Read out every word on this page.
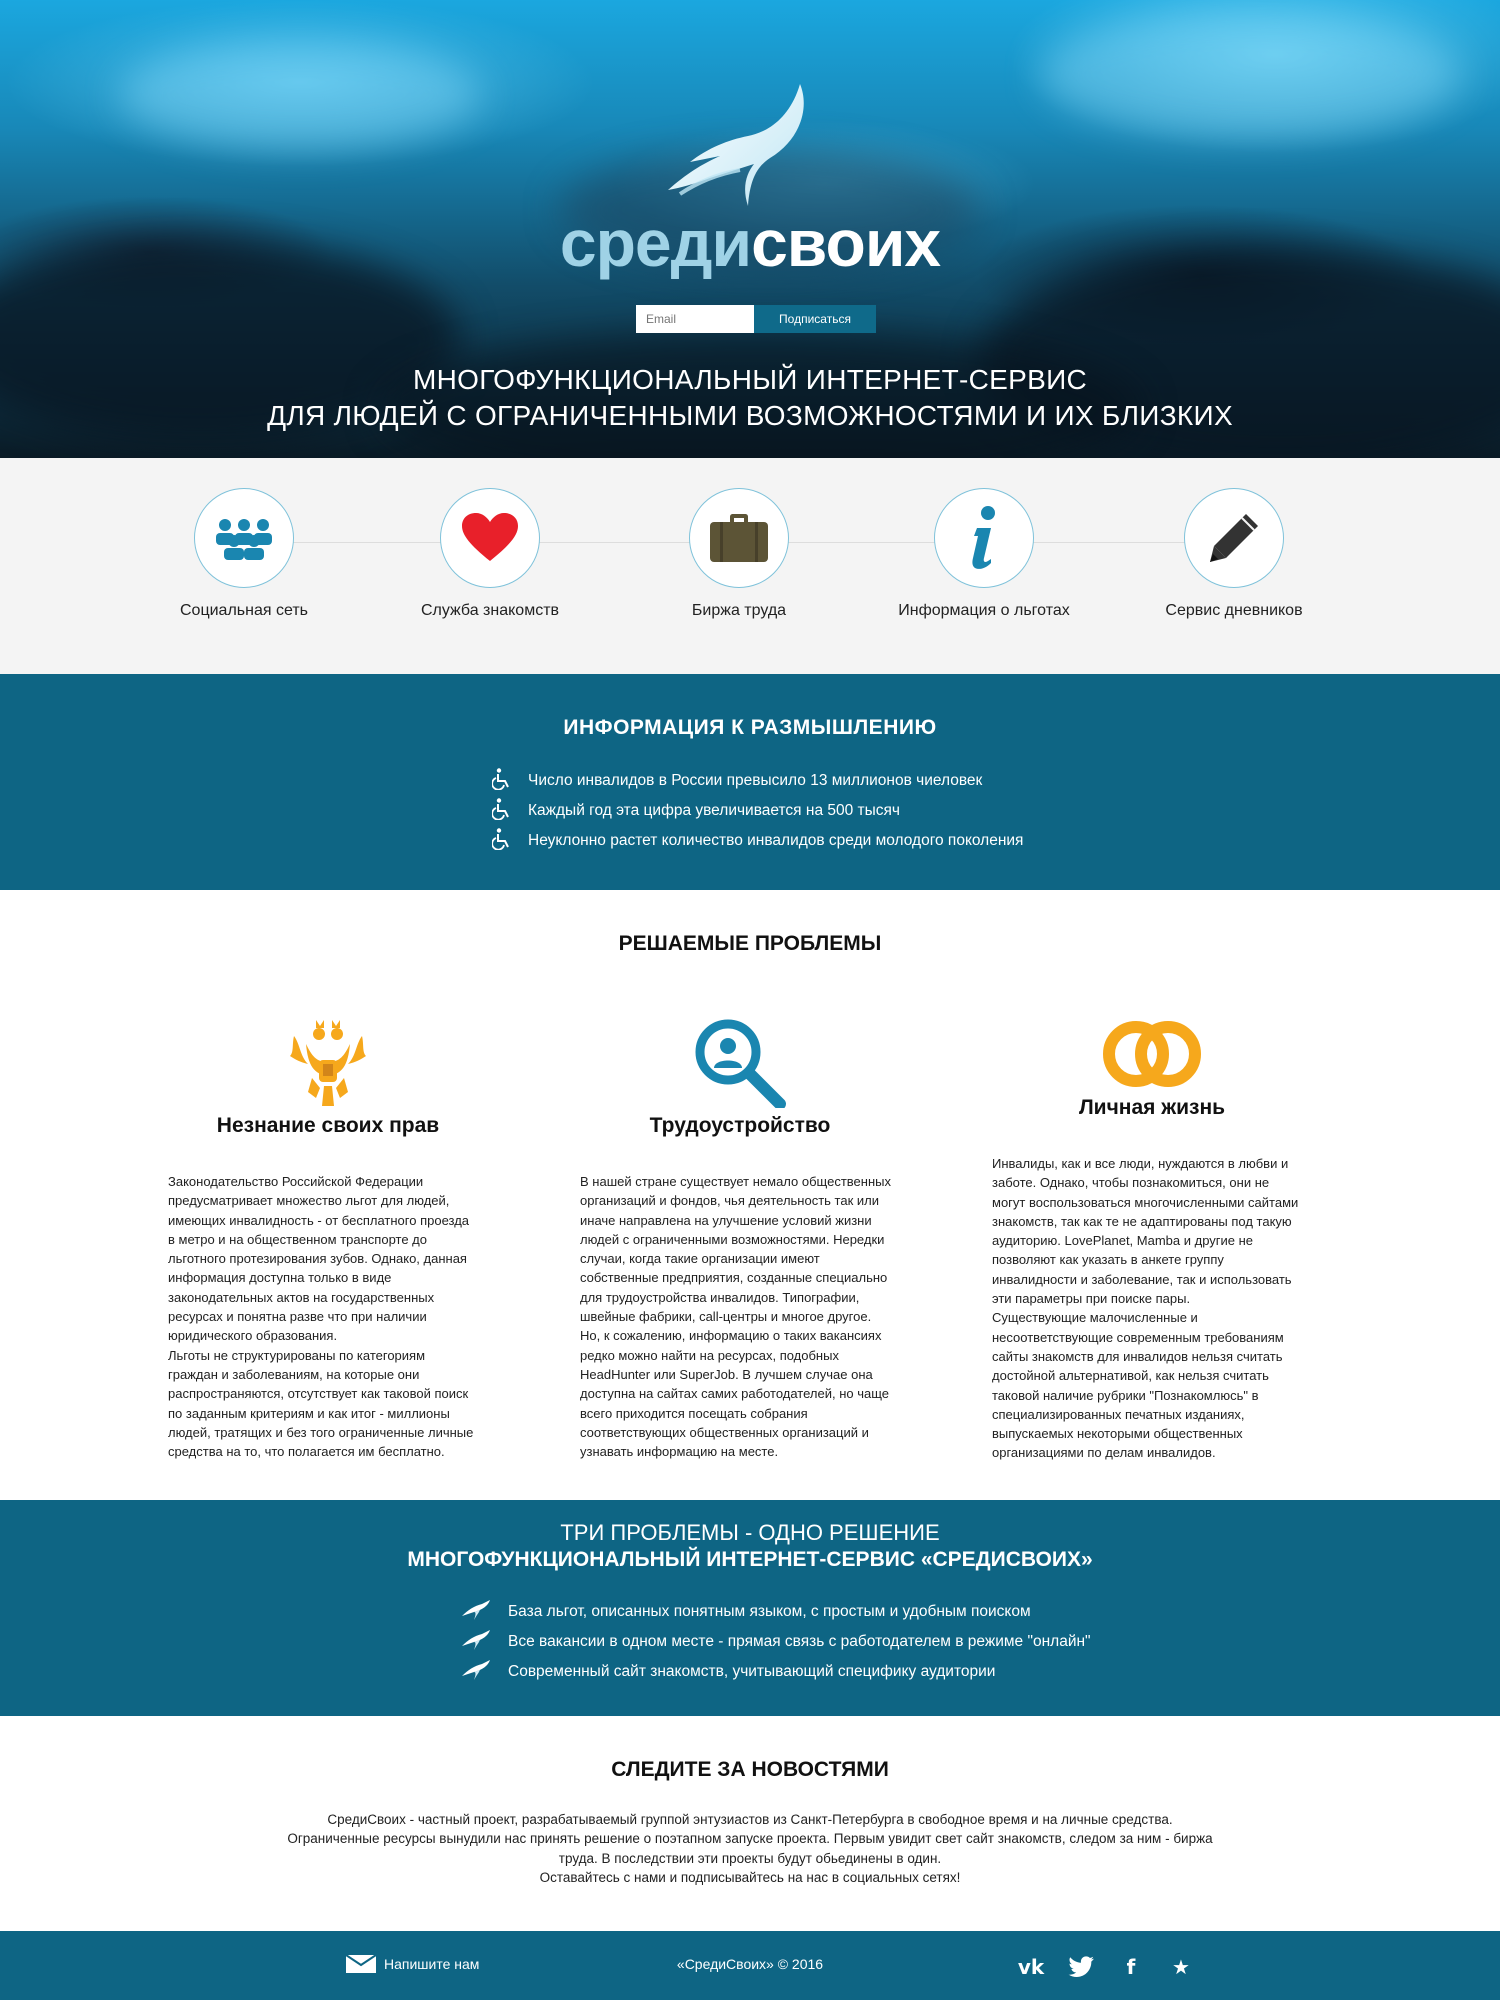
средисвоих
Email
Подписаться
МНОГОФУНКЦИОНАЛЬНЫЙ ИНТЕРНЕТ-СЕРВИС
ДЛЯ ЛЮДЕЙ С ОГРАНИЧЕННЫМИ ВОЗМОЖНОСТЯМИ И ИХ БЛИЗКИХ
Социальная сеть	Служба знакомств	Биржа труда	Информация о льготах	Сервис дневников
ИНФОРМАЦИЯ К РАЗМЫШЛЕНИЮ
Число инвалидов в России превысило 13 миллионов чиеловек
Каждый год эта цифра увеличивается на 500 тысяч
Неуклонно растет количество инвалидов среди молодого поколения
РЕШАЕМЫЕ ПРОБЛЕМЫ
Незнание своих прав

Законодательство Российской Федерации
предусматривает множество льгот для людей,
имеющих инвалидность - от бесплатного проезда
в метро и на общественном транспорте до
льготного протезирования зубов. Однако, данная
информация доступна только в виде
законодательных актов на государственных
ресурсах и понятна разве что при наличии
юридического образования.
Льготы не структурированы по категориям
граждан и заболеваниям, на которые они
распространяются, отсутствует как таковой поиск
по заданным критериям и как итог - миллионы
людей, тратящих и без того ограниченные личные
средства на то, что полагается им бесплатно.

Трудоустройство

В нашей стране существует немало общественных
организаций и фондов, чья деятельность так или
иначе направлена на улучшение условий жизни
людей с ограниченными возможностями. Нередки
случаи, когда такие организации имеют
собственные предприятия, созданные специально
для трудоустройства инвалидов. Типографии,
швейные фабрики, call-центры и многое другое.
Но, к сожалению, информацию о таких вакансиях
редко можно найти на ресурсах, подобных
HeadHunter или SuperJob. В лучшем случае она
доступна на сайтах самих работодателей, но чаще
всего приходится посещать собрания
соответствующих общественных организаций и
узнавать информацию на месте.

Личная жизнь

Инвалиды, как и все люди, нуждаются в любви и
заботе. Однако, чтобы познакомиться, они не
могут воспользоваться многочисленными сайтами
знакомств, так как те не адаптированы под такую
аудиторию. LovePlanet, Mamba и другие не
позволяют как указать в анкете группу
инвалидности и заболевание, так и использовать
эти параметры при поиске пары.
Существующие малочисленные и
несоответствующие современным требованиям
сайты знакомств для инвалидов нельзя считать
достойной альтернативой, как нельзя считать
таковой наличие рубрики "Познакомлюсь" в
специализированных печатных изданиях,
выпускаемых некоторыми общественных
организациями по делам инвалидов.

ТРИ ПРОБЛЕМЫ - ОДНО РЕШЕНИЕ
МНОГОФУНКЦИОНАЛЬНЫЙ ИНТЕРНЕТ-СЕРВИС «СРЕДИСВОИХ»
База льгот, описанных понятным языком, с простым и удобным поиском
Все вакансии в одном месте - прямая связь с работодателем в режиме "онлайн"
Современный сайт знакомств, учитывающий специфику аудитории
СЛЕДИТЕ ЗА НОВОСТЯМИ

СредиСвоих - частный проект, разрабатываемый группой энтузиастов из Санкт-Петербурга в свободное время и на личные средства.
Ограниченные ресурсы вынудили нас принять решение о поэтапном запуске проекта. Первым увидит свет сайт знакомств, следом за ним - биржа
труда. В последствии эти проекты будут обьединены в один.
Оставайтесь с нами и подписывайтесь на нас в социальных сетях!

Напишите нам	«СредиСвоих» © 2016	vk	f	★
